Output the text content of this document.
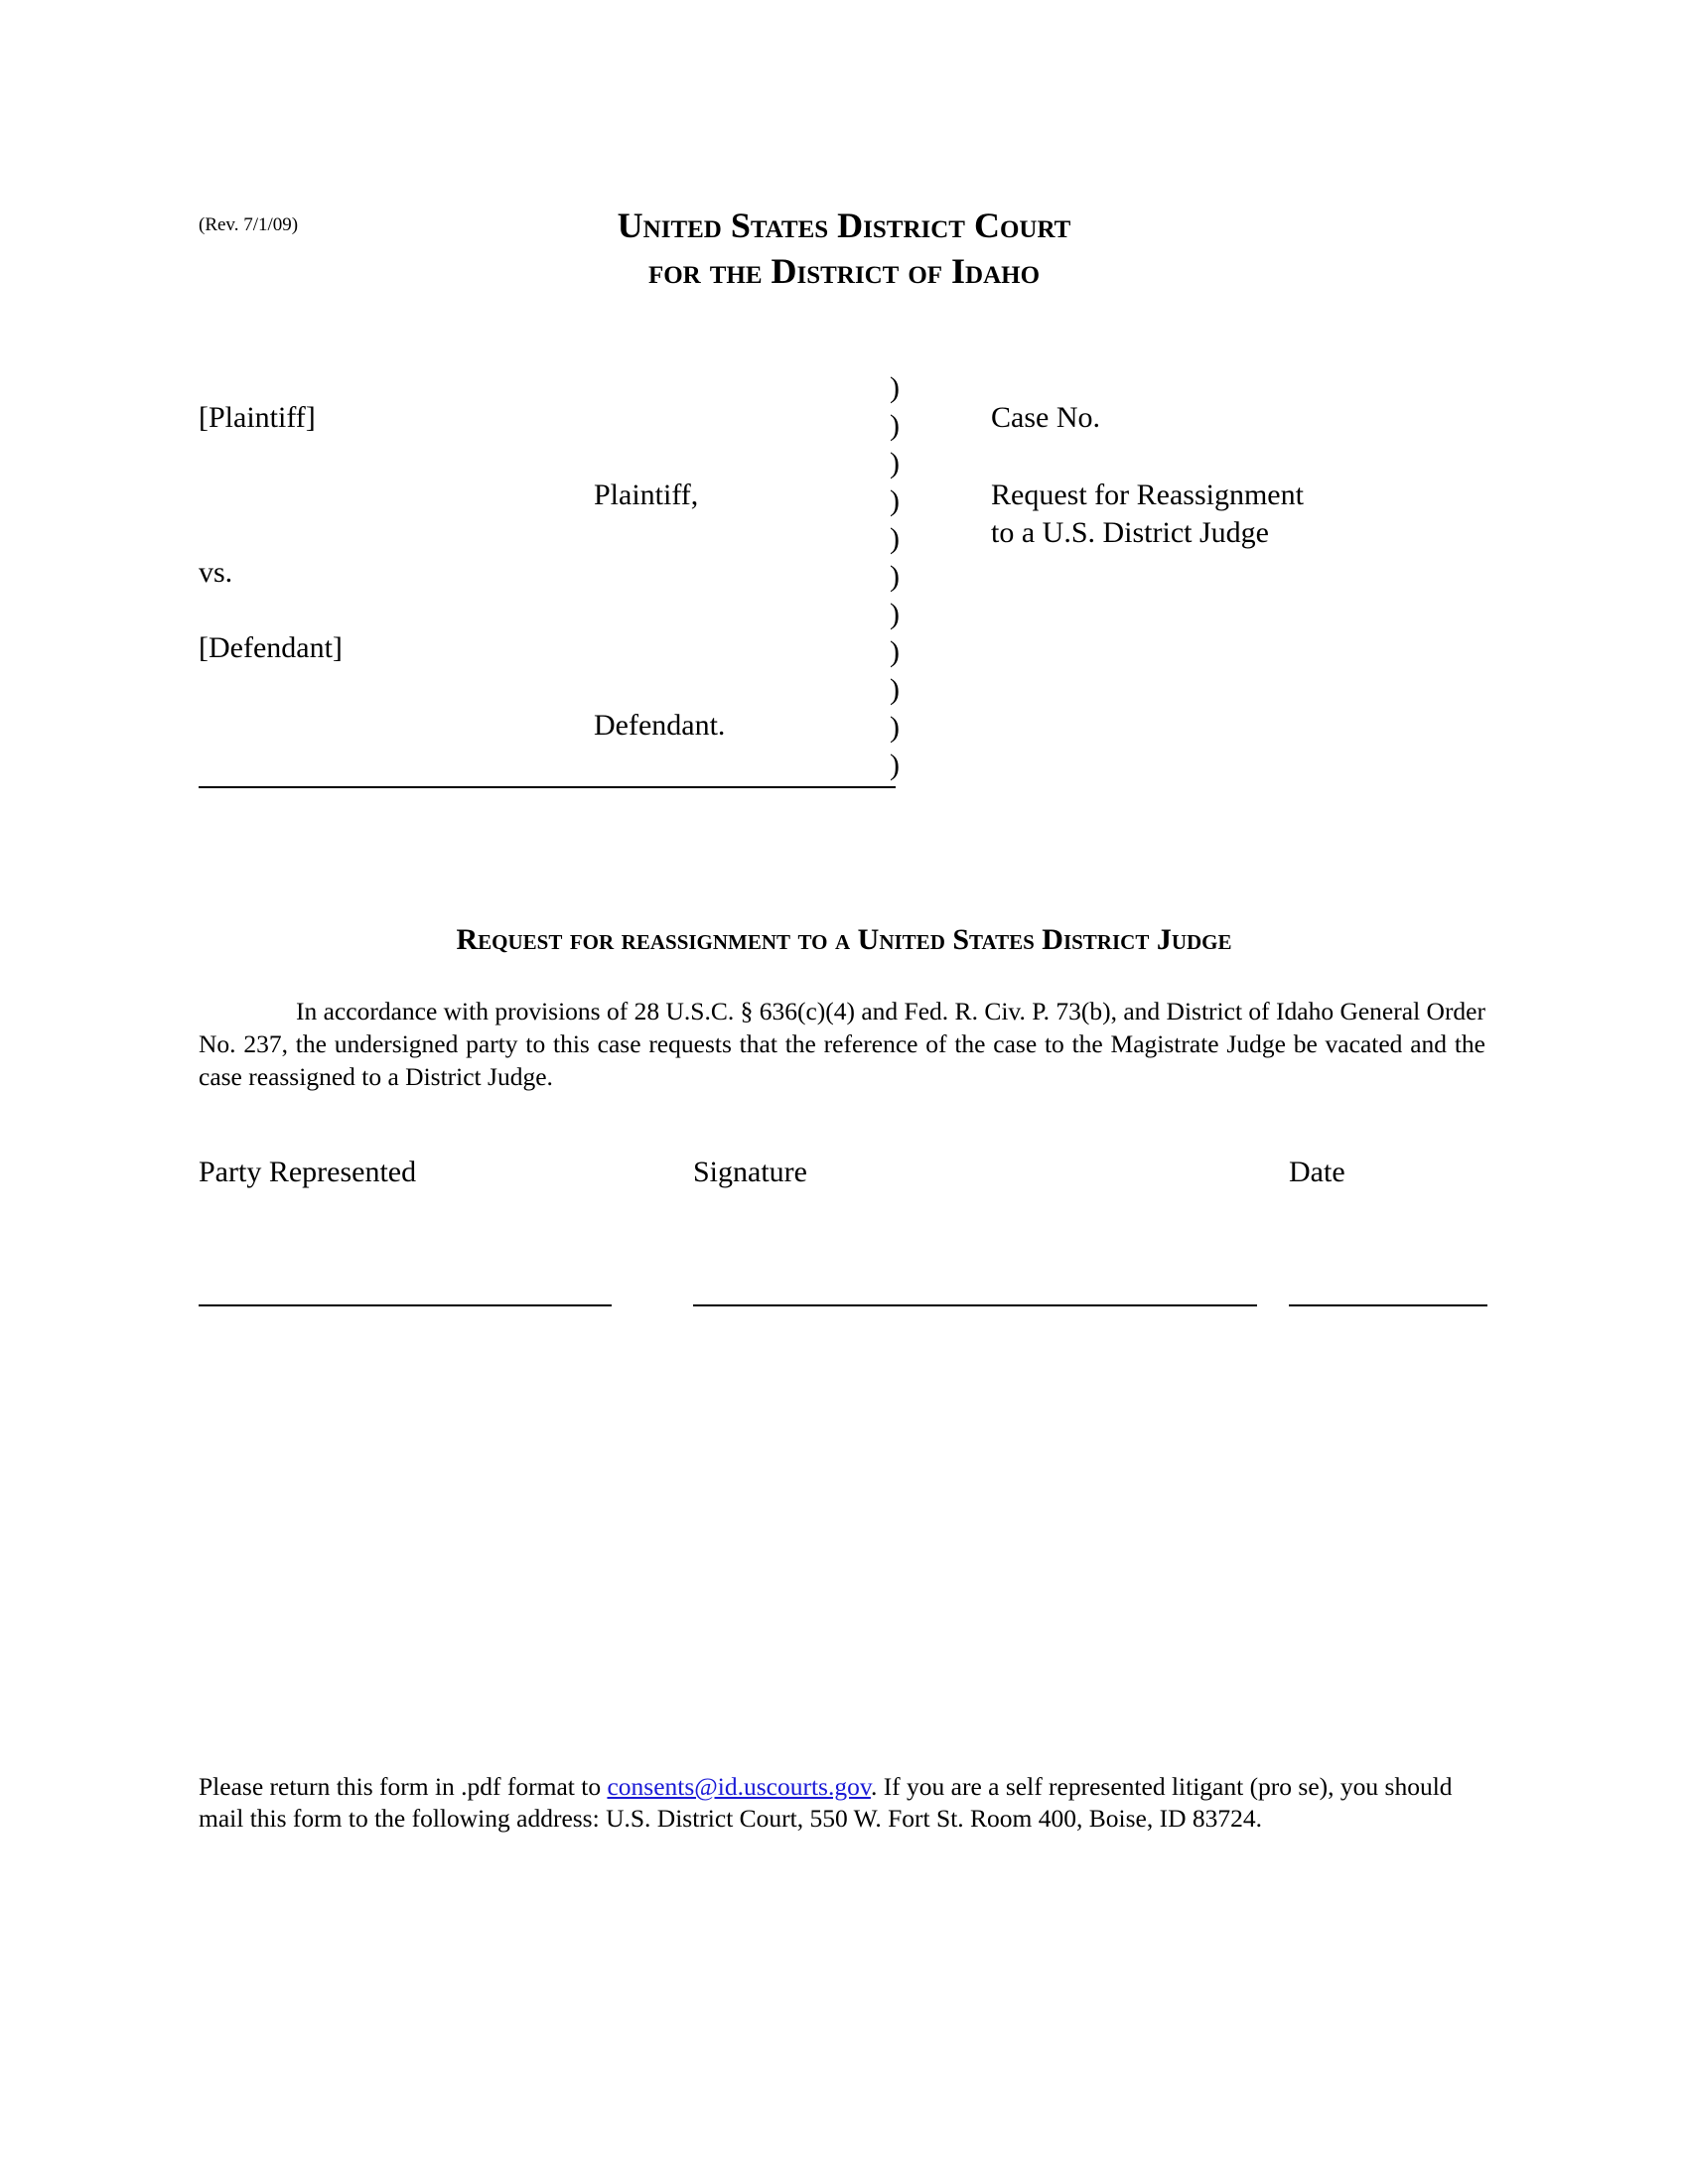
(Rev. 7/1/09)	United States District Court
for the District of Idaho
[Plaintiff]
Plaintiff,
vs.
[Defendant]
Defendant.
)
)
)
)
)
)
)
)
)
)
)
Case No.
Request for Reassignment
to a U.S. District Judge
Request for reassignment to a United States District Judge
In accordance with provisions of 28 U.S.C. § 636(c)(4) and Fed. R. Civ. P. 73(b), and District of Idaho General Order No. 237, the undersigned party to this case requests that the reference of the case to the Magistrate Judge be vacated and the case reassigned to a District Judge.
Party Represented	Signature	Date
Please return this form in .pdf format to consents@id.uscourts.gov. If you are a self represented litigant (pro se), you should mail this form to the following address: U.S. District Court, 550 W. Fort St. Room 400, Boise, ID 83724.
